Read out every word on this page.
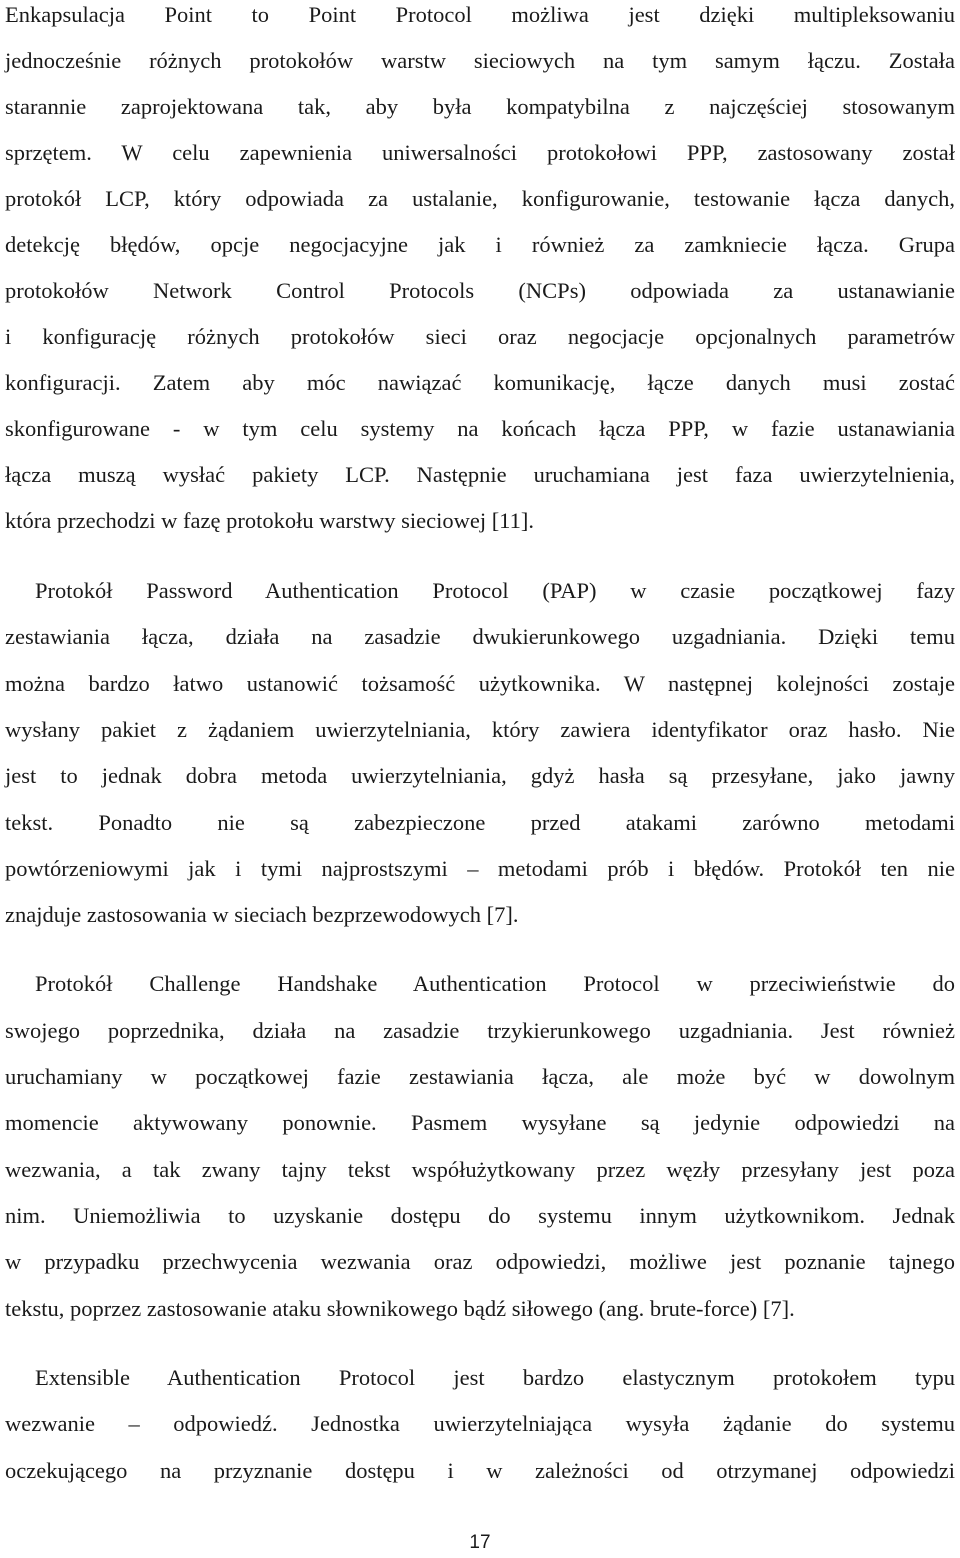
Enkapsulacja Point to Point Protocol możliwa jest dzięki multipleksowaniu
jednocześnie różnych protokołów warstw sieciowych na tym samym łączu. Została
starannie zaprojektowana tak, aby była kompatybilna z najczęściej stosowanym
sprzętem. W celu zapewnienia uniwersalności protokołowi PPP, zastosowany został
protokół LCP, który odpowiada za ustalanie, konfigurowanie, testowanie łącza danych,
detekcję błędów, opcje negocjacyjne jak i również za zamkniecie łącza. Grupa
protokołów Network Control Protocols (NCPs) odpowiada za ustanawianie
i konfigurację różnych protokołów sieci oraz negocjacje opcjonalnych parametrów
konfiguracji. Zatem aby móc nawiązać komunikację, łącze danych musi zostać
skonfigurowane - w tym celu systemy na końcach łącza PPP, w fazie ustanawiania
łącza muszą wysłać pakiety LCP. Następnie uruchamiana jest faza uwierzytelnienia,
która przechodzi w fazę protokołu warstwy sieciowej [11].
Protokół Password Authentication Protocol (PAP) w czasie początkowej fazy
zestawiania łącza, działa na zasadzie dwukierunkowego uzgadniania. Dzięki temu
można bardzo łatwo ustanowić tożsamość użytkownika. W następnej kolejności zostaje
wysłany pakiet z żądaniem uwierzytelniania, który zawiera identyfikator oraz hasło. Nie
jest to jednak dobra metoda uwierzytelniania, gdyż hasła są przesyłane, jako jawny
tekst. Ponadto nie są zabezpieczone przed atakami zarówno metodami
powtórzeniowymi jak i tymi najprostszymi – metodami prób i błędów. Protokół ten nie
znajduje zastosowania w sieciach bezprzewodowych [7].
Protokół Challenge Handshake Authentication Protocol w przeciwieństwie do
swojego poprzednika, działa na zasadzie trzykierunkowego uzgadniania. Jest również
uruchamiany w początkowej fazie zestawiania łącza, ale może być w dowolnym
momencie aktywowany ponownie. Pasmem wysyłane są jedynie odpowiedzi na
wezwania, a tak zwany tajny tekst współużytkowany przez węzły przesyłany jest poza
nim. Uniemożliwia to uzyskanie dostępu do systemu innym użytkownikom. Jednak
w przypadku przechwycenia wezwania oraz odpowiedzi, możliwe jest poznanie tajnego
tekstu, poprzez zastosowanie ataku słownikowego bądź siłowego (ang. brute-force) [7].
Extensible Authentication Protocol jest bardzo elastycznym protokołem typu
wezwanie – odpowiedź. Jednostka uwierzytelniająca wysyła żądanie do systemu
oczekującego na przyznanie dostępu i w zależności od otrzymanej odpowiedzi
17
